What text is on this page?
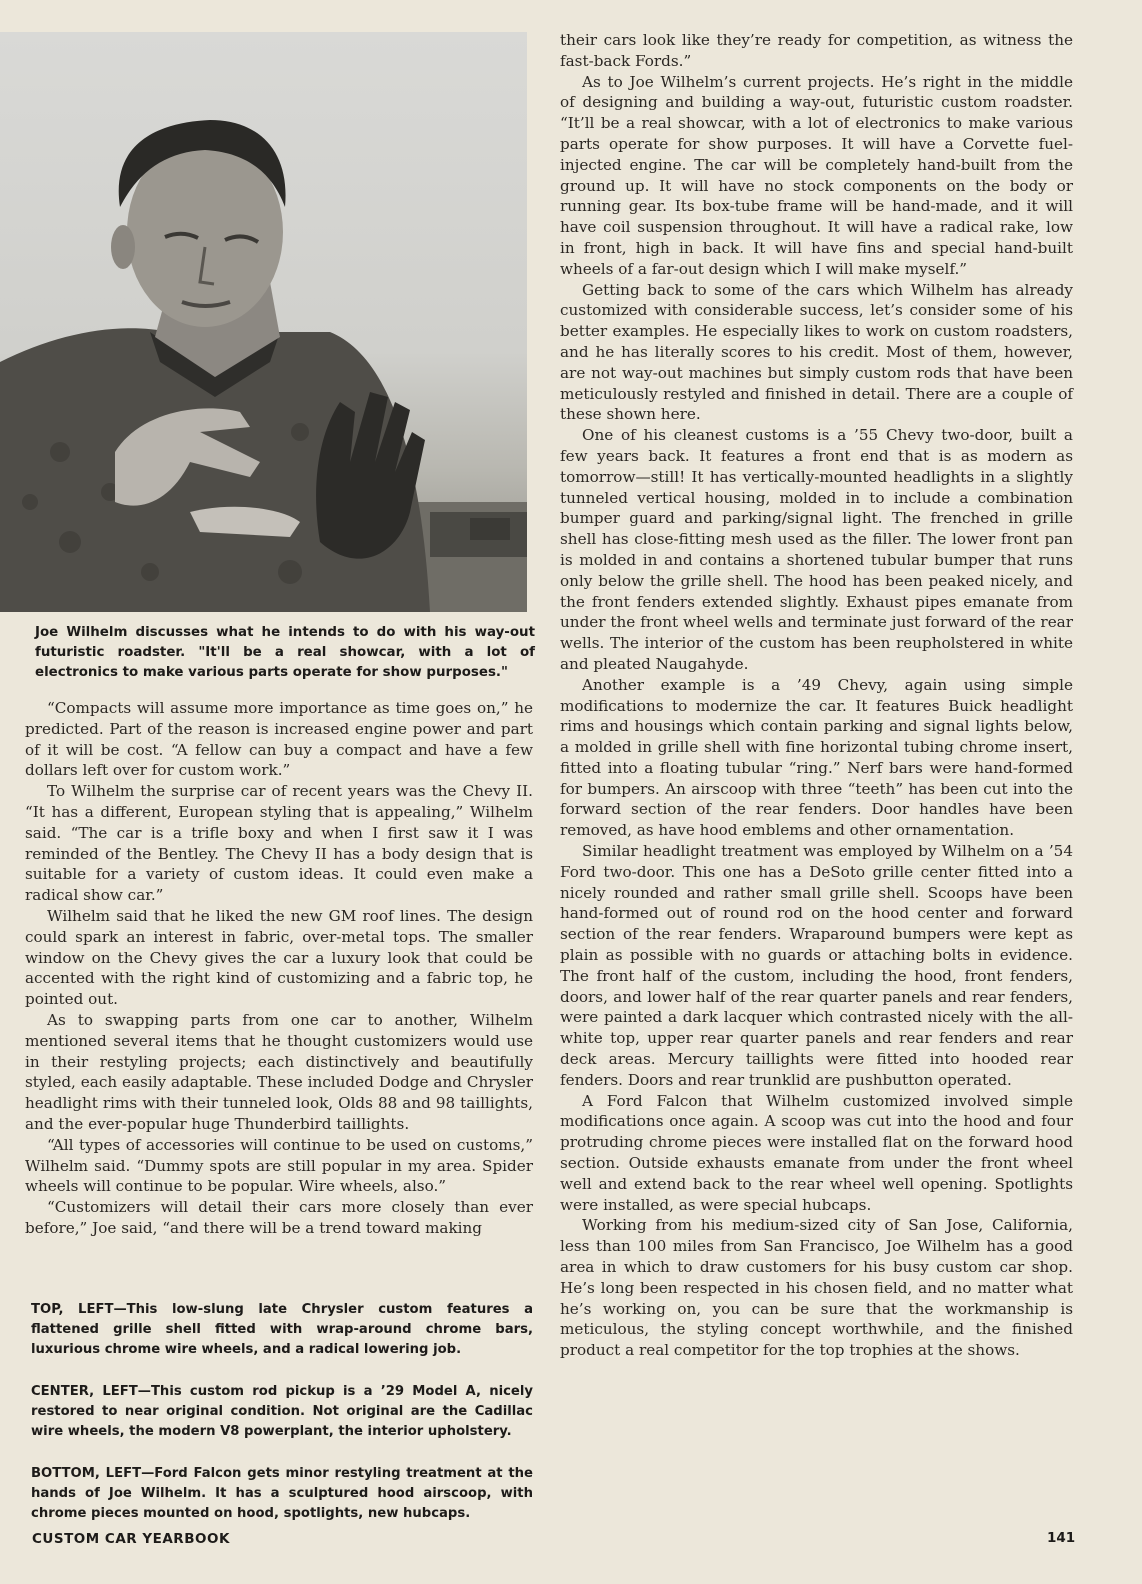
Joe Wilhelm discusses what he intends to do with his way-out futuristic roadster. "It'll be a real showcar, with a lot of electronics to make various parts operate for show purposes."

“Compacts will assume more importance as time goes on,” he predicted. Part of the reason is increased engine power and part of it will be cost. “A fellow can buy a compact and have a few dollars left over for custom work.”

To Wilhelm the surprise car of recent years was the Chevy II. “It has a different, European styling that is appealing,” Wilhelm said. “The car is a trifle boxy and when I first saw it I was reminded of the Bentley. The Chevy II has a body design that is suitable for a variety of custom ideas. It could even make a radical show car.”

Wilhelm said that he liked the new GM roof lines. The design could spark an interest in fabric, over-metal tops. The smaller window on the Chevy gives the car a luxury look that could be accented with the right kind of customizing and a fabric top, he pointed out.

As to swapping parts from one car to another, Wilhelm mentioned several items that he thought customizers would use in their restyling projects; each distinctively and beautifully styled, each easily adaptable. These included Dodge and Chrysler headlight rims with their tunneled look, Olds 88 and 98 taillights, and the ever-popular huge Thunderbird taillights.

“All types of accessories will continue to be used on customs,” Wilhelm said. “Dummy spots are still popular in my area. Spider wheels will continue to be popular. Wire wheels, also.”

“Customizers will detail their cars more closely than ever before,” Joe said, “and there will be a trend toward making

their cars look like they’re ready for competition, as witness the fast-back Fords.”

As to Joe Wilhelm’s current projects. He’s right in the middle of designing and building a way-out, futuristic custom roadster. “It’ll be a real showcar, with a lot of electronics to make various parts operate for show purposes. It will have a Corvette fuel-injected engine. The car will be completely hand-built from the ground up. It will have no stock components on the body or running gear. Its box-tube frame will be hand-made, and it will have coil suspension throughout. It will have a radical rake, low in front, high in back. It will have fins and special hand-built wheels of a far-out design which I will make myself.”

Getting back to some of the cars which Wilhelm has already customized with considerable success, let’s consider some of his better examples. He especially likes to work on custom roadsters, and he has literally scores to his credit. Most of them, however, are not way-out machines but simply custom rods that have been meticulously restyled and finished in detail. There are a couple of these shown here.

One of his cleanest customs is a ’55 Chevy two-door, built a few years back. It features a front end that is as modern as tomorrow—still! It has vertically-mounted headlights in a slightly tunneled vertical housing, molded in to include a combination bumper guard and parking/signal light. The frenched in grille shell has close-fitting mesh used as the filler. The lower front pan is molded in and contains a shortened tubular bumper that runs only below the grille shell. The hood has been peaked nicely, and the front fenders extended slightly. Exhaust pipes emanate from under the front wheel wells and terminate just forward of the rear wells. The interior of the custom has been reupholstered in white and pleated Naugahyde.

Another example is a ’49 Chevy, again using simple modifications to modernize the car. It features Buick headlight rims and housings which contain parking and signal lights below, a molded in grille shell with fine horizontal tubing chrome insert, fitted into a floating tubular “ring.” Nerf bars were hand-formed for bumpers. An airscoop with three “teeth” has been cut into the forward section of the rear fenders. Door handles have been removed, as have hood emblems and other ornamentation.

Similar headlight treatment was employed by Wilhelm on a ’54 Ford two-door. This one has a DeSoto grille center fitted into a nicely rounded and rather small grille shell. Scoops have been hand-formed out of round rod on the hood center and forward section of the rear fenders. Wraparound bumpers were kept as plain as possible with no guards or attaching bolts in evidence. The front half of the custom, including the hood, front fenders, doors, and lower half of the rear quarter panels and rear fenders, were painted a dark lacquer which contrasted nicely with the all-white top, upper rear quarter panels and rear fenders and rear deck areas. Mercury taillights were fitted into hooded rear fenders. Doors and rear trunklid are pushbutton operated.

A Ford Falcon that Wilhelm customized involved simple modifications once again. A scoop was cut into the hood and four protruding chrome pieces were installed flat on the forward hood section. Outside exhausts emanate from under the front wheel well and extend back to the rear wheel well opening. Spotlights were installed, as were special hubcaps.

Working from his medium-sized city of San Jose, California, less than 100 miles from San Francisco, Joe Wilhelm has a good area in which to draw customers for his busy custom car shop. He’s long been respected in his chosen field, and no matter what he’s working on, you can be sure that the workmanship is meticulous, the styling concept worthwhile, and the finished product a real competitor for the top trophies at the shows.

TOP, LEFT—This low-slung late Chrysler custom features a flattened grille shell fitted with wrap-around chrome bars, luxurious chrome wire wheels, and a radical lowering job.

CENTER, LEFT—This custom rod pickup is a ’29 Model A, nicely restored to near original condition. Not original are the Cadillac wire wheels, the modern V8 powerplant, the interior upholstery.

BOTTOM, LEFT—Ford Falcon gets minor restyling treatment at the hands of Joe Wilhelm. It has a sculptured hood airscoop, with chrome pieces mounted on hood, spotlights, new hubcaps.

CUSTOM CAR YEARBOOK	141
